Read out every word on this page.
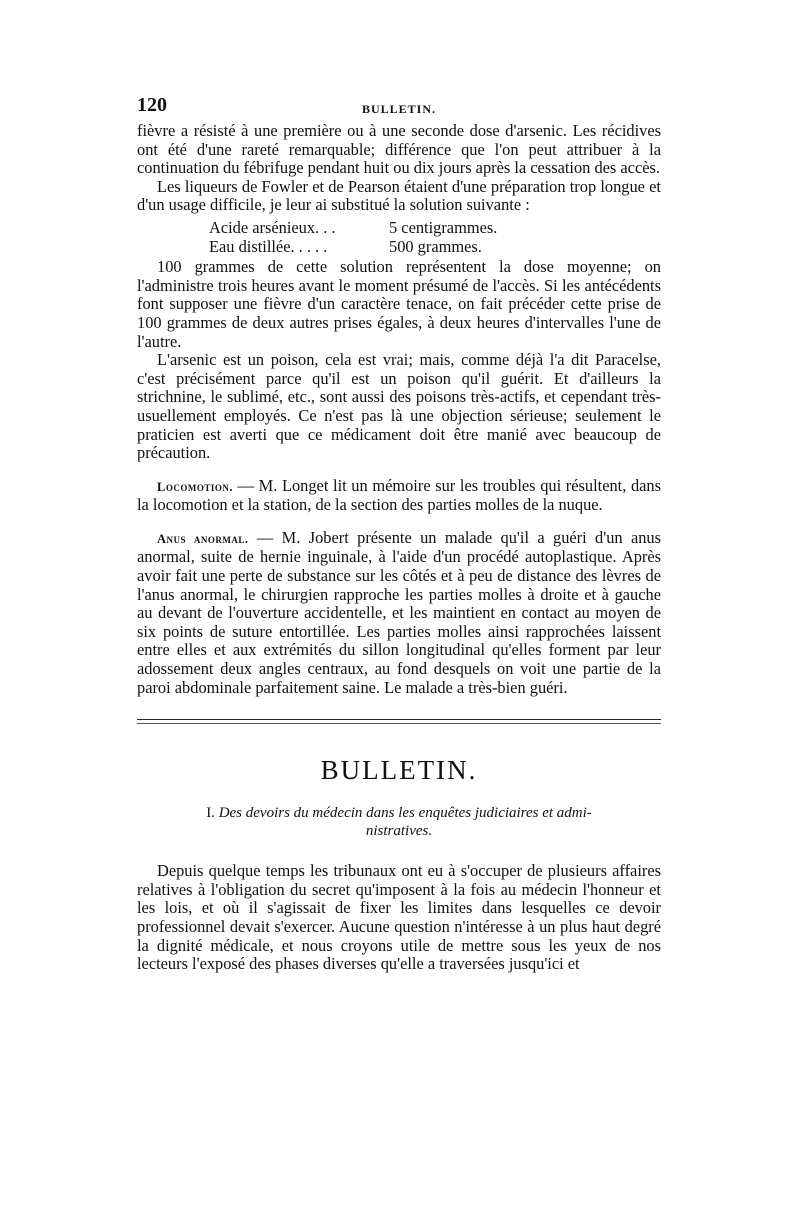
120	BULLETIN.

fièvre a résisté à une première ou à une seconde dose d'arsenic. Les récidives ont été d'une rareté remarquable; différence que l'on peut attribuer à la continuation du fébrifuge pendant huit ou dix jours après la cessation des accès.

Les liqueurs de Fowler et de Pearson étaient d'une préparation trop longue et d'un usage difficile, je leur ai substitué la solution suivante :

Acide arsénieux. . .	5 centigrammes.
Eau distillée. . . . .	500 grammes.

100 grammes de cette solution représentent la dose moyenne; on l'administre trois heures avant le moment présumé de l'accès. Si les antécédents font supposer une fièvre d'un caractère tenace, on fait précéder cette prise de 100 grammes de deux autres prises égales, à deux heures d'intervalles l'une de l'autre.

L'arsenic est un poison, cela est vrai; mais, comme déjà l'a dit Paracelse, c'est précisément parce qu'il est un poison qu'il guérit. Et d'ailleurs la strichnine, le sublimé, etc., sont aussi des poisons très-actifs, et cependant très-usuellement employés. Ce n'est pas là une objection sérieuse; seulement le praticien est averti que ce médicament doit être manié avec beaucoup de précaution.

Locomotion. — M. Longet lit un mémoire sur les troubles qui résultent, dans la locomotion et la station, de la section des parties molles de la nuque.

Anus anormal. — M. Jobert présente un malade qu'il a guéri d'un anus anormal, suite de hernie inguinale, à l'aide d'un procédé autoplastique. Après avoir fait une perte de substance sur les côtés et à peu de distance des lèvres de l'anus anormal, le chirurgien rapproche les parties molles à droite et à gauche au devant de l'ouverture accidentelle, et les maintient en contact au moyen de six points de suture entortillée. Les parties molles ainsi rapprochées laissent entre elles et aux extrémités du sillon longitudinal qu'elles forment par leur adossement deux angles centraux, au fond desquels on voit une partie de la paroi abdominale parfaitement saine. Le malade a très-bien guéri.

BULLETIN.
I. Des devoirs du médecin dans les enquêtes judiciaires et admi-
nistratives.

Depuis quelque temps les tribunaux ont eu à s'occuper de plusieurs affaires relatives à l'obligation du secret qu'imposent à la fois au médecin l'honneur et les lois, et où il s'agissait de fixer les limites dans lesquelles ce devoir professionnel devait s'exercer. Aucune question n'intéresse à un plus haut degré la dignité médicale, et nous croyons utile de mettre sous les yeux de nos lecteurs l'exposé des phases diverses qu'elle a traversées jusqu'ici et
